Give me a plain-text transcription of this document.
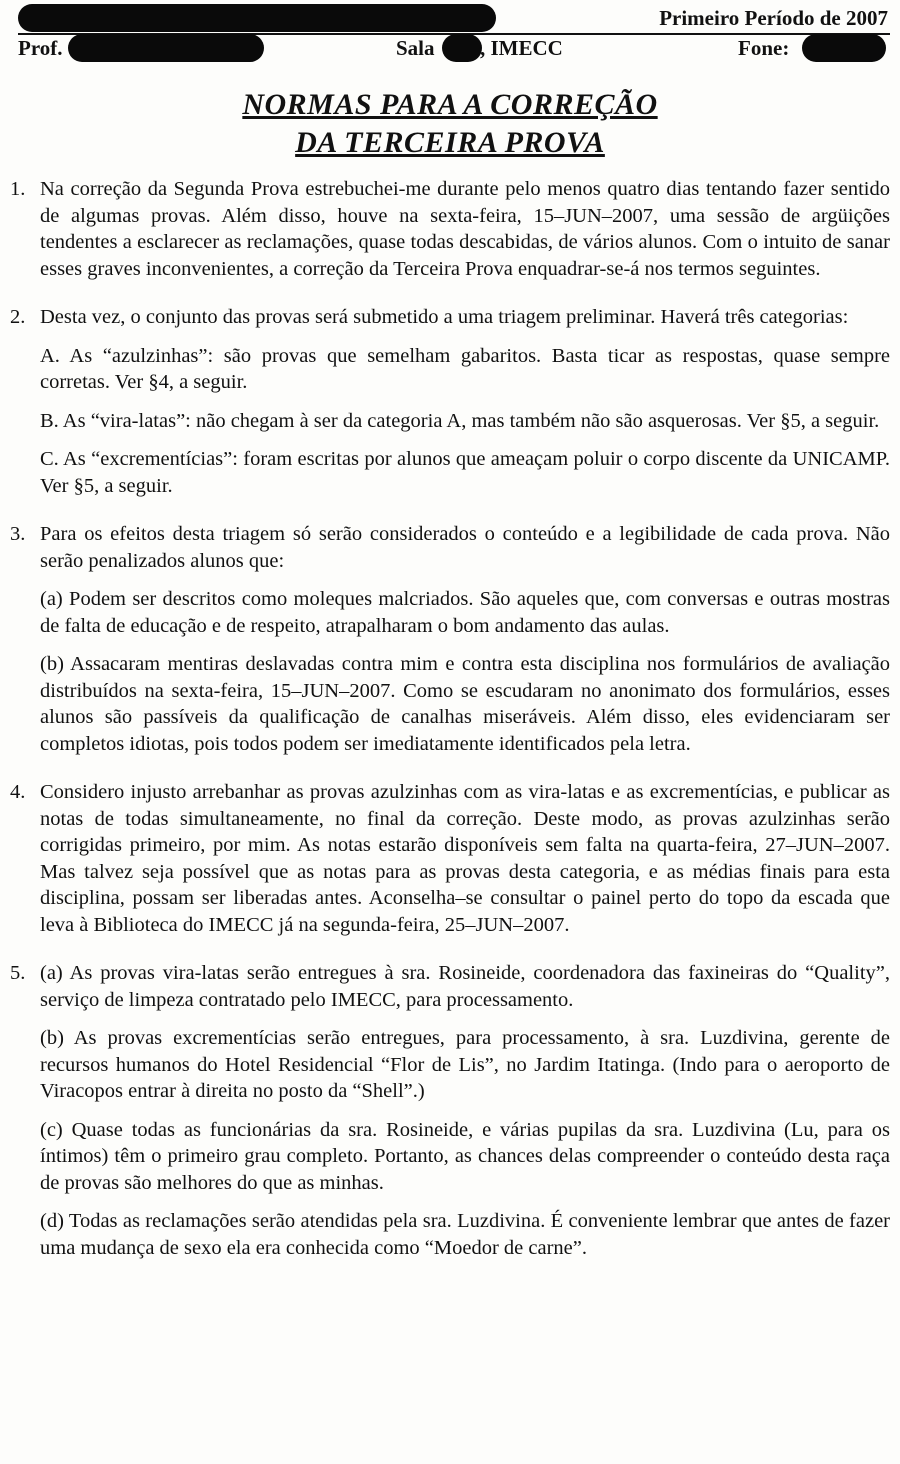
Primeiro Período de 2007
Prof.	Sala , IMECC	Fone:
NORMAS PARA A CORREÇÃO
DA TERCEIRA PROVA
1. Na correção da Segunda Prova estrebuchei-me durante pelo menos quatro dias tentando fazer sentido de algumas provas. Além disso, houve na sexta-feira, 15–JUN–2007, uma sessão de argüições tendentes a esclarecer as reclamações, quase todas descabidas, de vários alunos. Com o intuito de sanar esses graves inconvenientes, a correção da Terceira Prova enquadrar-se-á nos termos seguintes.

2. Desta vez, o conjunto das provas será submetido a uma triagem preliminar. Haverá três categorias:

A. As “azulzinhas”: são provas que semelham gabaritos. Basta ticar as respostas, quase sempre corretas. Ver §4, a seguir.

B. As “vira-latas”: não chegam à ser da categoria A, mas também não são asquerosas. Ver §5, a seguir.

C. As “excrementícias”: foram escritas por alunos que ameaçam poluir o corpo discente da UNICAMP. Ver §5, a seguir.

3. Para os efeitos desta triagem só serão considerados o conteúdo e a legibilidade de cada prova. Não serão penalizados alunos que:

(a) Podem ser descritos como moleques malcriados. São aqueles que, com conversas e outras mostras de falta de educação e de respeito, atrapalharam o bom andamento das aulas.

(b) Assacaram mentiras deslavadas contra mim e contra esta disciplina nos formulários de avaliação distribuídos na sexta-feira, 15–JUN–2007. Como se escudaram no anonimato dos formulários, esses alunos são passíveis da qualificação de canalhas miseráveis. Além disso, eles evidenciaram ser completos idiotas, pois todos podem ser imediatamente identificados pela letra.

4. Considero injusto arrebanhar as provas azulzinhas com as vira-latas e as excrementícias, e publicar as notas de todas simultaneamente, no final da correção. Deste modo, as provas azulzinhas serão corrigidas primeiro, por mim. As notas estarão disponíveis sem falta na quarta-feira, 27–JUN–2007. Mas talvez seja possível que as notas para as provas desta categoria, e as médias finais para esta disciplina, possam ser liberadas antes. Aconselha–se consultar o painel perto do topo da escada que leva à Biblioteca do IMECC já na segunda-feira, 25–JUN–2007.

5. (a) As provas vira-latas serão entregues à sra. Rosineide, coordenadora das faxineiras do “Quality”, serviço de limpeza contratado pelo IMECC, para processamento.

(b) As provas excrementícias serão entregues, para processamento, à sra. Luzdivina, gerente de recursos humanos do Hotel Residencial “Flor de Lis”, no Jardim Itatinga. (Indo para o aeroporto de Viracopos entrar à direita no posto da “Shell”.)

(c) Quase todas as funcionárias da sra. Rosineide, e várias pupilas da sra. Luzdivina (Lu, para os íntimos) têm o primeiro grau completo. Portanto, as chances delas compreender o conteúdo desta raça de provas são melhores do que as minhas.

(d) Todas as reclamações serão atendidas pela sra. Luzdivina. É conveniente lembrar que antes de fazer uma mudança de sexo ela era conhecida como “Moedor de carne”.
